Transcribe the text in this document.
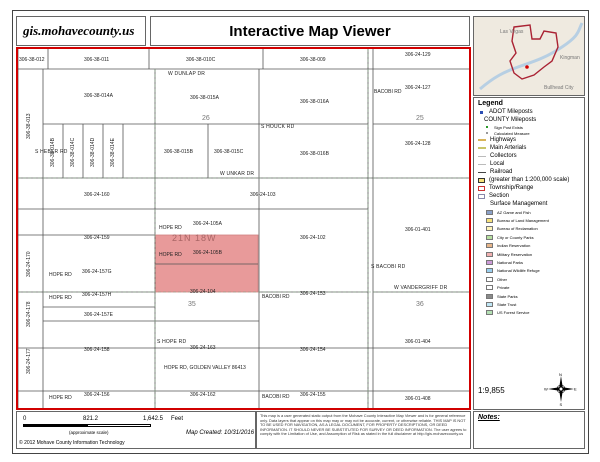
gis.mohavecounty.us	Interactive Map Viewer	Las Vegas
Kingman
Bullhead City
W DUNLAP DR
W UNKAR DR
W VANDERGRIFF DR
S HEBER RD
S HOUCK RD
S BACOBI RD
S HOPE RD
306-38-012	306-38-011	306-38-010C	306-38-009
306-24-129
BACOBI RD
306-24-127
306-38-014A	306-38-015A
306-38-016A
306-38-013
306-38-014B	306-38-014C	306-38-014D	306-38-014E	306-38-015B	306-38-015C	306-38-016B
306-24-128
306-24-160	306-24-103
306-24-170
306-24-159
HOPE RD
306-24-105A
HOPE RD 306-24-105B
306-24-102
306-01-401
HOPE RD 306-24-157G
306-24-178
HOPE RD 306-24-157H
306-24-157E
306-24-104
BACOBI RD 306-24-153
306-24-177	306-24-158	306-24-163
HOPE RD, GOLDEN VALLEY 86413
306-24-154
306-01-404
HOPE RD 306-24-156	306-24-162	BACOBI RD 306-24-155
306-01-408
26	25
35	36
21N 18W
Legend
ADOT Mileposts
COUNTY Mileposts
Sign Post Exists
Calculated Measure
Highways
Main Arterials
Collectors
Local
Railroad
(greater than 1:200,000 scale)
Township/Range
Section
Surface Management
AZ Game and Fish
Bureau of Land Management
Bureau of Reclamation
City or County Parks
Indian Reservation
Military Reservation
National Parks
National Wildlife Refuge
Other
Private
State Parks
State Trust
US Forest Service
1:9,855
N
S
E
W
0	821.2	1,642.5 Feet
(approximate scale)
© 2012 Mohave County Information Technology
This map is a user generated static output from the Mohave County Interactive Map Viewer and is for general reference only. Data layers that appear on this map may or may not be accurate, current, or otherwise reliable. THIS MAP IS NOT TO BE USED FOR NAVIGATION, AS A LEGAL DOCUMENT, FOR PROPERTY DESCRIPTIONS, OR DEED INFORMATION. IT SHOULD NEVER BE SUBSTITUTED FOR SURVEY OR DEED INFORMATION. The user agrees to comply with the Limitation of Use, and Assumption of Risk as stated in the full disclaimer at http://gis.mohavecounty.us
Map Created: 10/31/2016
Notes:
